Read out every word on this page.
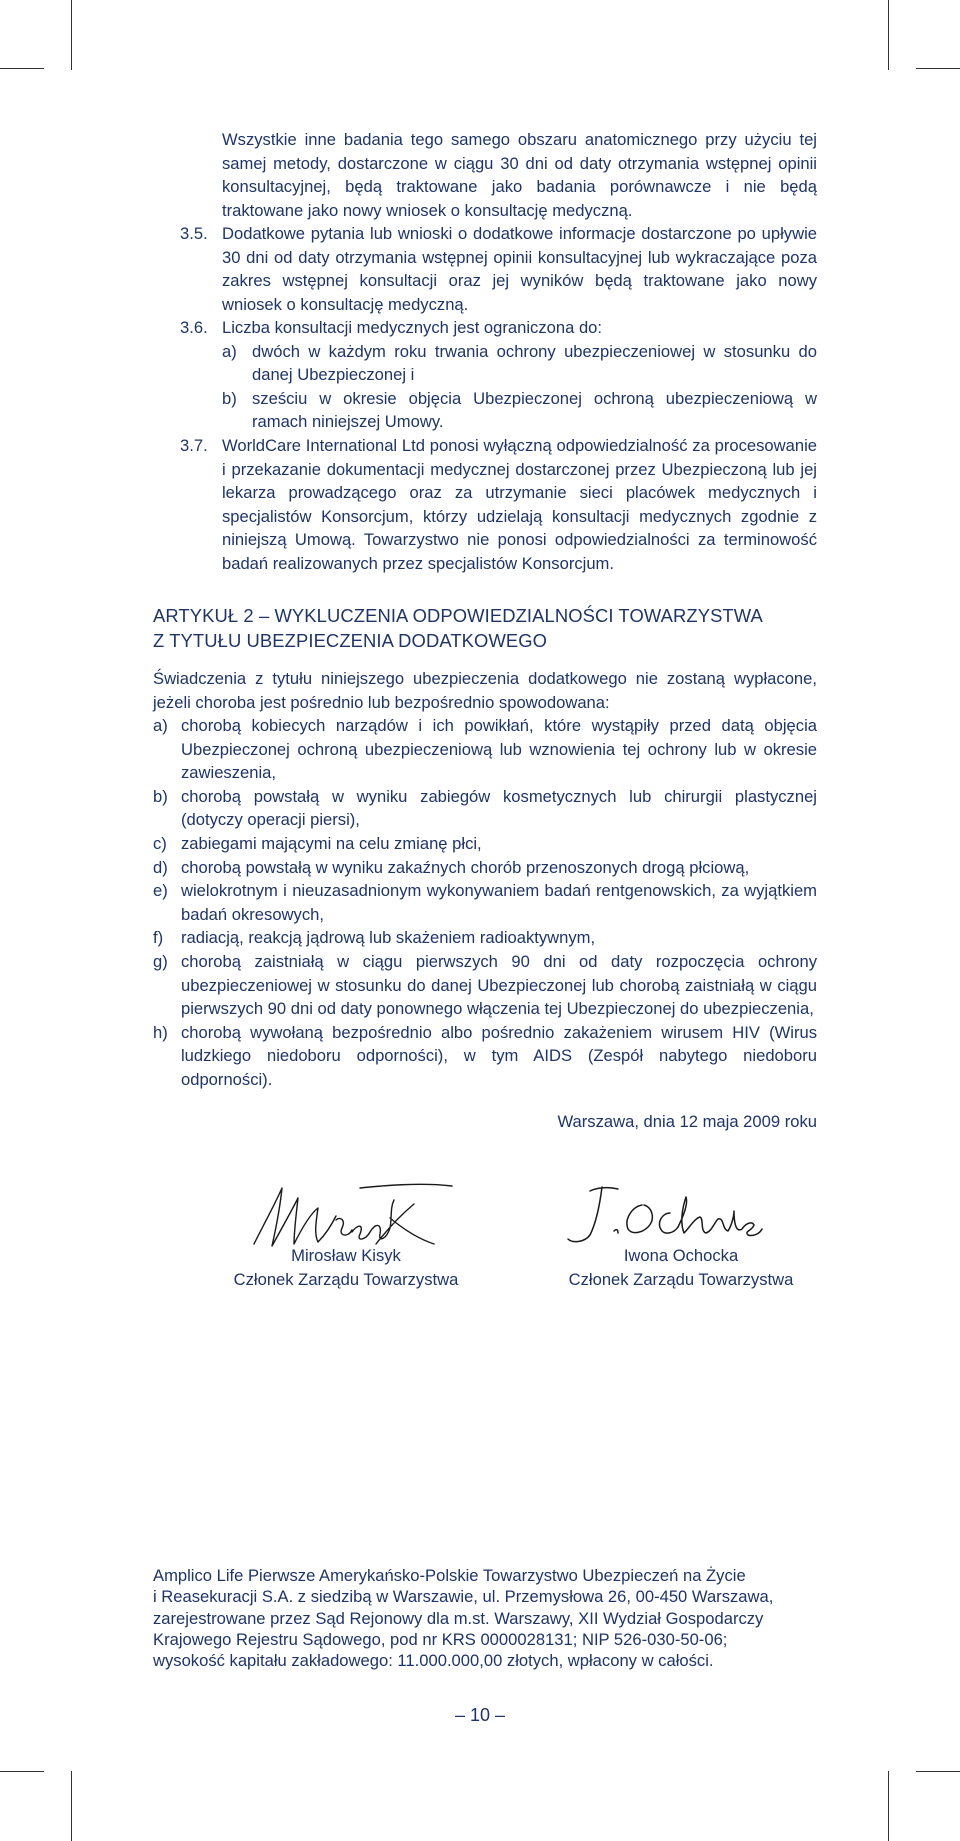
Wszystkie inne badania tego samego obszaru anatomicznego przy użyciu tej samej metody, dostarczone w ciągu 30 dni od daty otrzymania wstępnej opinii konsultacyjnej, będą traktowane jako badania porównawcze i nie będą traktowane jako nowy wniosek o konsultację medyczną.

3.5. Dodatkowe pytania lub wnioski o dodatkowe informacje dostarczone po upływie 30 dni od daty otrzymania wstępnej opinii konsultacyjnej lub wykraczające poza zakres wstępnej konsultacji oraz jej wyników będą traktowane jako nowy wniosek o konsultację medyczną.

3.6. Liczba konsultacji medycznych jest ograniczona do:

a) dwóch w każdym roku trwania ochrony ubezpieczeniowej w stosunku do danej Ubezpieczonej i

b) sześciu w okresie objęcia Ubezpieczonej ochroną ubezpieczeniową w ramach niniejszej Umowy.

3.7. WorldCare International Ltd ponosi wyłączną odpowiedzialność za procesowanie i przekazanie dokumentacji medycznej dostarczonej przez Ubezpieczoną lub jej lekarza prowadzącego oraz za utrzymanie sieci placówek medycznych i specjalistów Konsorcjum, którzy udzielają konsultacji medycznych zgodnie z niniejszą Umową. Towarzystwo nie ponosi odpowiedzialności za terminowość badań realizowanych przez specjalistów Konsorcjum.

ARTYKUŁ 2 – WYKLUCZENIA ODPOWIEDZIALNOŚCI TOWARZYSTWA
Z TYTUŁU UBEZPIECZENIA DODATKOWEGO

Świadczenia z tytułu niniejszego ubezpieczenia dodatkowego nie zostaną wypłacone, jeżeli choroba jest pośrednio lub bezpośrednio spowodowana:

a) chorobą kobiecych narządów i ich powikłań, które wystąpiły przed datą objęcia Ubezpieczonej ochroną ubezpieczeniową lub wznowienia tej ochrony lub w okresie zawieszenia,

b) chorobą powstałą w wyniku zabiegów kosmetycznych lub chirurgii plastycznej (dotyczy operacji piersi),

c) zabiegami mającymi na celu zmianę płci,

d) chorobą powstałą w wyniku zakaźnych chorób przenoszonych drogą płciową,

e) wielokrotnym i nieuzasadnionym wykonywaniem badań rentgenowskich, za wyjątkiem badań okresowych,

f) radiacją, reakcją jądrową lub skażeniem radioaktywnym,

g) chorobą zaistniałą w ciągu pierwszych 90 dni od daty rozpoczęcia ochrony ubezpieczeniowej w stosunku do danej Ubezpieczonej lub chorobą zaistniałą w ciągu pierwszych 90 dni od daty ponownego włączenia tej Ubezpieczonej do ubezpieczenia,

h) chorobą wywołaną bezpośrednio albo pośrednio zakażeniem wirusem HIV (Wirus ludzkiego niedoboru odporności), w tym AIDS (Zespół nabytego niedoboru odporności).

Warszawa, dnia 12 maja 2009 roku
Mirosław Kisyk
Członek Zarządu Towarzystwa
Iwona Ochocka
Członek Zarządu Towarzystwa
Amplico Life Pierwsze Amerykańsko-Polskie Towarzystwo Ubezpieczeń na Życie
i Reasekuracji S.A. z siedzibą w Warszawie, ul. Przemysłowa 26, 00-450 Warszawa,
zarejestrowane przez Sąd Rejonowy dla m.st. Warszawy, XII Wydział Gospodarczy
Krajowego Rejestru Sądowego, pod nr KRS 0000028131; NIP 526-030-50-06;
wysokość kapitału zakładowego: 11.000.000,00 złotych, wpłacony w całości.
– 10 –
